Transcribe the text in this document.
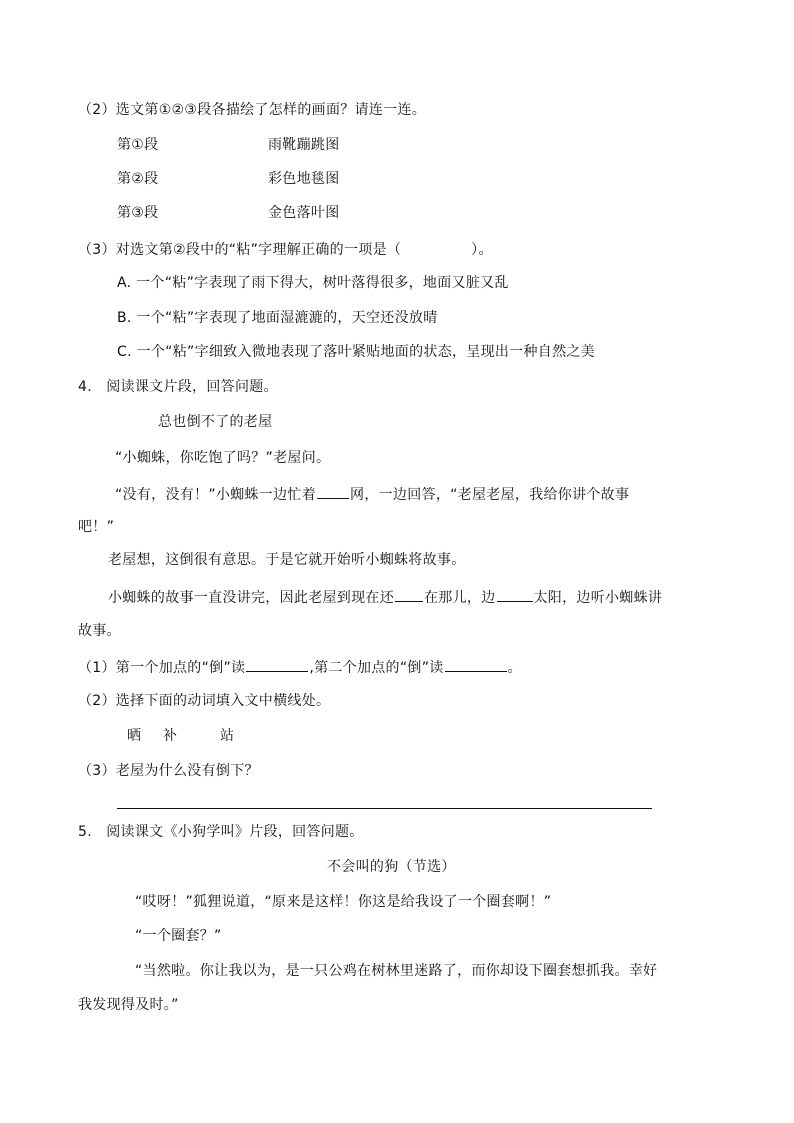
（2）选文第①②③段各描绘了怎样的画面？请连一连。
第①段	雨靴蹦跳图
第②段	彩色地毯图
第③段	金色落叶图
（3）对选文第②段中的“粘”字理解正确的一项是（	）。
A. 一个“粘”字表现了雨下得大，树叶落得很多，地面又脏又乱
B. 一个“粘”字表现了地面湿漉漉的，天空还没放晴
C. 一个“粘”字细致入微地表现了落叶紧贴地面的状态，呈现出一种自然之美
4.　阅读课文片段，回答问题。
总也倒不了的老屋
“小蜘蛛，你吃饱了吗？”老屋问。
“没有，没有！”小蜘蛛一边忙着 网，一边回答，“老屋老屋，我给你讲个故事
吧！”
老屋想，这倒很有意思。于是它就开始听小蜘蛛将故事。
小蜘蛛的故事一直没讲完，因此老屋到现在还 在那儿，边	太阳，边听小蜘蛛讲
故事。
（1）第一个加点的“倒”读	,第二个加点的“倒”读	。
（2）选择下面的动词填入文中横线处。
晒 补	站
（3）老屋为什么没有倒下？
5.　阅读课文《小狗学叫》片段，回答问题。
不会叫的狗（节选）
“哎呀！”狐狸说道，“原来是这样！你这是给我设了一个圈套啊！”
“一个圈套？”
“当然啦。你让我以为，是一只公鸡在树林里迷路了，而你却设下圈套想抓我。幸好
我发现得及时。”
